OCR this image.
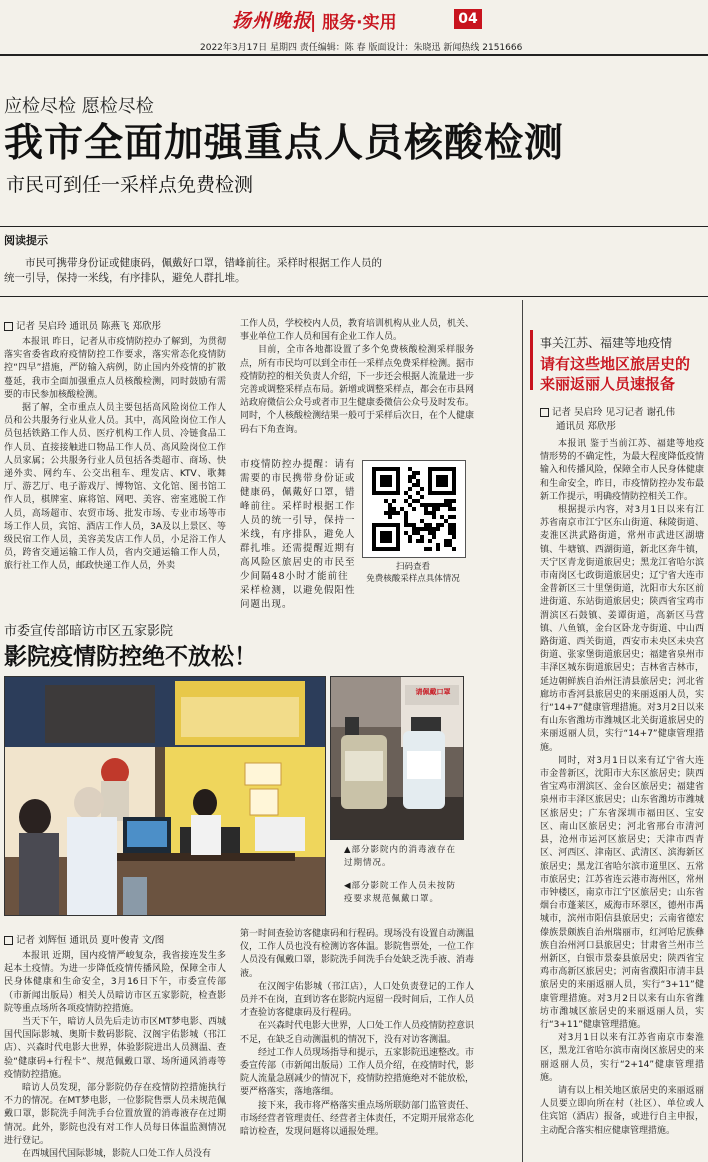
扬州晚报
| 服务·实用	04
2022年3月17日 星期四 责任编辑：陈 春 版面设计：朱晓迅 新闻热线 2151666
应检尽检 愿检尽检
我市全面加强重点人员核酸检测
市民可到任一采样点免费检测
阅读提示
市民可携带身份证或健康码，佩戴好口罩，错峰前往。采样时根据工作人员的统一引导，保持一米线，有序排队，避免人群扎堆。
记者 吴启玲 通讯员 陈燕飞 郑欣彤

本报讯 昨日，记者从市疫情防控办了解到，为贯彻落实省委省政府疫情防控工作要求，落实常态化疫情防控“四早”措施，严防输入病例，防止国内外疫情的扩散蔓延，我市全面加强重点人员核酸检测，同时鼓励有需要的市民参加核酸检测。

据了解，全市重点人员主要包括高风险岗位工作人员和公共服务行业从业人员。其中，高风险岗位工作人员包括铁路工作人员、医疗机构工作人员、冷链食品工作人员、直接接触进口物品工作人员、高风险岗位工作人员家属；公共服务行业人员包括各类超市、商场、快递外卖、网约车、公交出租车、理发店、KTV、歌舞厅、游艺厅、电子游戏厅、博物馆、文化馆、图书馆工作人员，棋牌室、麻将馆、网吧、美容、密室逃脱工作人员，高场超市、农贸市场、批发市场、专业市场等市场工作人员，宾馆、酒店工作人员，3A及以上景区、等级民宿工作人员，美容美发店工作人员，小足浴工作人员，跨省交通运输工作人员，省内交通运输工作人员，旅行社工作人员，邮政快递工作人员，外卖

工作人员，学校校内人员，教育培训机构从业人员，机关、事业单位工作人员和国有企业工作人员。

目前，全市各地都设置了多个免费核酸检测采样服务点，所有市民均可以到全市任一采样点免费采样检测。据市疫情防控的相关负责人介绍，下一步还会根据人流量进一步完善或调整采样点布局。新增或调整采样点，都会在市县网站政府微信公众号或者市卫生健康委微信公众号及时发布。同时，个人核酸检测结果一般可于采样后次日，在个人健康码右下角查询。

市疫情防控办提醒：请有需要的市民携带身份证或健康码，佩戴好口罩，错峰前往。采样时根据工作人员的统一引导，保持一米线，有序排队，避免人群扎堆。还需提醒近期有高风险区旅居史的市民至少间隔48小时才能前往采样检测，以避免假阳性问题出现。
扫码查看
免费核酸采样点具体情况
市委宣传部暗访市区五家影院
影院疫情防控绝不放松！
请佩戴口罩
▲部分影院内的消毒液存在过期情况。
◀部分影院工作人员未按防疫要求规范佩戴口罩。
记者 刘辉恒 通讯员 夏叶俊青 文/图

本报讯 近期，国内疫情严峻复杂，我省接连发生多起本土疫情。为进一步降低疫情传播风险，保障全市人民身体健康和生命安全，3月16日下午，市委宣传部（市新闻出版局）相关人员暗访市区五家影院，检查影院等重点场所各项疫情防控措施。

当天下午，暗访人员先后走访市区MT梦电影、西城国代国际影城、奥斯卡数码影院、汉阁宇佑影城（邗江店）、兴森时代电影大世界，体验影院进出人员测温、查验“健康码+行程卡”、规范佩戴口罩、场所通风消毒等疫情防控措施。

暗访人员发现，部分影院仍存在疫情防控措施执行不力的情况。在MT梦电影，一位影院售票人员未规范佩戴口罩，影院洗手间洗手台位置放置的消毒液存在过期情况。此外，影院也没有对工作人员每日体温监测情况进行登记。

在西城国代国际影城，影院人口处工作人员没有

第一时间查验访客健康码和行程码。现场没有设置自动测温仪，工作人员也没有检测访客体温。影院售票处，一位工作人员没有佩戴口罩，影院洗手间洗手台处缺乏洗手液、消毒液。

在汉阁宇佑影城（邗江店），人口处负责登记的工作人员并不在岗，直到访客在影院内逗留一段时间后，工作人员才查验访客健康码及行程码。

在兴森时代电影大世界，人口处工作人员疫情防控意识不足，在缺乏自动测温机的情况下，没有对访客测温。

经过工作人员现场指导和提示，五家影院迅速整改。市委宣传部（市新闻出版局）工作人员介绍，在疫情时代，影院人流量急剧减少的情况下，疫情防控措施绝对不能放松，要严格落实，落地落细。

接下来，我市将严格落实重点场所联防部门监管责任、市场经营者管理责任、经营者主体责任，不定期开展常态化暗访检查，发现问题将以通报处理。

事关江苏、福建等地疫情
请有这些地区旅居史的
来丽返丽人员速报备
记者 吴启玲 见习记者 谢孔伟
通讯员 郑欣彤

本报讯 鉴于当前江苏、福建等地疫情形势的不确定性，为最大程度降低疫情输入和传播风险，保障全市人民身体健康和生命安全，昨日，市疫情防控办发布最新工作提示，明确疫情防控相关工作。

根据提示内容，对3月1日以来有江苏省南京市江宁区东山街道、秣陵街道、麦淮区洪武路街道，常州市武进区湖塘镇、牛塘镇、西湖街道，新北区奔牛镇，天宁区青龙街道旅居史；黑龙江省哈尔滨市南岗区七政街道旅居史；辽宁省大连市金普新区三十里堡街道，沈阳市大东区前进街道、东站街道旅居史；陕西省宝鸡市渭滨区石鼓镇、姜谭街道，高新区马营镇、八鱼镇，金台区卧龙寺街道、中山西路街道、西关街道，西安市未央区未央宫街道、张家堡街道旅居史；福建省泉州市丰泽区城东街道旅居史；吉林省吉林市，延边朝鲜族自治州汪清县旅居史；河北省廊坊市香河县旅居史的来丽返丽人员，实行“14+7”健康管理措施。对3月2日以来有山东省潍坊市潍城区北关街道旅居史的来丽返丽人员，实行“14+7”健康管理措施。

同时，对3月1日以来有辽宁省大连市金普新区，沈阳市大东区旅居史；陕西省宝鸡市渭滨区、金台区旅居史；福建省泉州市丰泽区旅居史；山东省潍坊市潍城区旅居史；广东省深圳市福田区、宝安区、南山区旅居史；河北省邢台市清河县，沧州市运河区旅居史；天津市西青区、河西区、津南区、武清区、滨海新区旅居史；黑龙江省哈尔滨市道里区、五常市旅居史；江苏省连云港市海州区，常州市钟楼区，南京市江宁区旅居史；山东省烟台市蓬莱区，威海市环翠区，德州市禹城市，滨州市阳信县旅居史；云南省德宏傣族景颇族自治州瑞丽市，红河哈尼族彝族自治州河口县旅居史；甘肃省兰州市兰州新区，白银市景泰县旅居史；陕西省宝鸡市高新区旅居史；河南省濮阳市清丰县旅居史的来丽返丽人员，实行“3+11”健康管理措施。对3月2日以来有山东省潍坊市潍城区旅居史的来丽返丽人员，实行“3+11”健康管理措施。

对3月1日以来有江苏省南京市秦淮区，黑龙江省哈尔滨市南岗区旅居史的来丽返丽人员，实行“2+14”健康管理措施。

请有以上相关地区旅居史的来丽返丽人员要立即向所在村（社区）、单位或人住宾馆（酒店）报备，或进行自主申报，主动配合落实相应健康管理措施。
